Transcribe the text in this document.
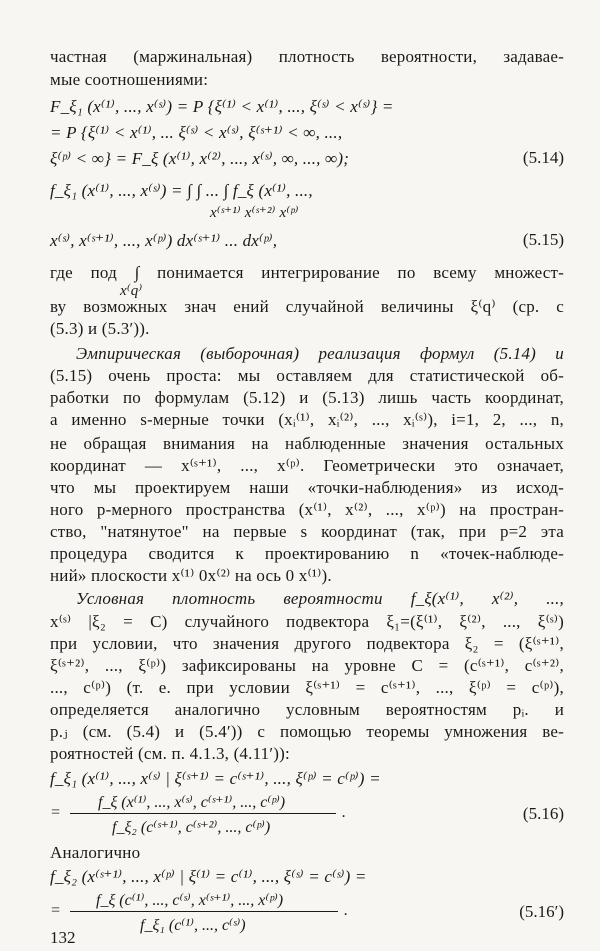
частная (маржинальная) плотность вероятности, задавае-
мые соотношениями:
F_ξ₁ (x⁽¹⁾, ..., x⁽ˢ⁾) = P {ξ⁽¹⁾ < x⁽¹⁾, ..., ξ⁽ˢ⁾ < x⁽ˢ⁾} =
= P {ξ⁽¹⁾ < x⁽¹⁾, ... ξ⁽ˢ⁾ < x⁽ˢ⁾, ξ⁽ˢ⁺¹⁾ < ∞, ...,
ξ⁽ᵖ⁾ < ∞} = F_ξ (x⁽¹⁾, x⁽²⁾, ..., x⁽ˢ⁾, ∞, ..., ∞);	(5.14)
f_ξ₁ (x⁽¹⁾, ..., x⁽ˢ⁾) = ∫ ∫ ... ∫ f_ξ (x⁽¹⁾, ...,
x⁽ˢ⁺¹⁾ x⁽ˢ⁺²⁾ x⁽ᵖ⁾
x⁽ˢ⁾, x⁽ˢ⁺¹⁾, ..., x⁽ᵖ⁾) dx⁽ˢ⁺¹⁾ ... dx⁽ᵖ⁾,	(5.15)
где под ∫ понимается интегрирование по всему множест-
x⁽q⁾
ву возможных знач ений случайной величины ξ⁽q⁾ (ср. с
(5.3) и (5.3′)).
Эмпирическая (выборочная) реализация формул (5.14) и
(5.15) очень проста: мы оставляем для статистической об-
работки по формулам (5.12) и (5.13) лишь часть координат,
а именно s-мерные точки (xᵢ⁽¹⁾, xᵢ⁽²⁾, ..., xᵢ⁽ˢ⁾), i=1, 2, ..., n,
не обращая внимания на наблюденные значения остальных
координат — x⁽ˢ⁺¹⁾, ..., x⁽ᵖ⁾. Геометрически это означает,
что мы проектируем наши «точки-наблюдения» из исход-
ного p-мерного пространства (x⁽¹⁾, x⁽²⁾, ..., x⁽ᵖ⁾) на простран-
ство, "натянутое" на первые s координат (так, при p=2 эта
процедура сводится к проектированию n «точек-наблюде-
ний» плоскости x⁽¹⁾ 0x⁽²⁾ на ось 0 x⁽¹⁾).
Условная плотность вероятности f_ξ(x⁽¹⁾, x⁽²⁾, ...,
x⁽ˢ⁾ |ξ₂ = C) случайного подвектора ξ₁=(ξ⁽¹⁾, ξ⁽²⁾, ..., ξ⁽ˢ⁾)
при условии, что значения другого подвектора ξ₂ = (ξ⁽ˢ⁺¹⁾,
ξ⁽ˢ⁺²⁾, ..., ξ⁽ᵖ⁾) зафиксированы на уровне C = (c⁽ˢ⁺¹⁾, c⁽ˢ⁺²⁾,
..., c⁽ᵖ⁾) (т. е. при условии ξ⁽ˢ⁺¹⁾ = c⁽ˢ⁺¹⁾, ..., ξ⁽ᵖ⁾ = c⁽ᵖ⁾),
определяется аналогично условным вероятностям pᵢ. и
p.ⱼ (см. (5.4) и (5.4′)) с помощью теоремы умножения ве-
роятностей (см. п. 4.1.3, (4.11′)):
f_ξ₁ (x⁽¹⁾, ..., x⁽ˢ⁾ | ξ⁽ˢ⁺¹⁾ = c⁽ˢ⁺¹⁾, ..., ξ⁽ᵖ⁾ = c⁽ᵖ⁾) =
=
f_ξ (x⁽¹⁾, ..., x⁽ˢ⁾, c⁽ˢ⁺¹⁾, ..., c⁽ᵖ⁾)
f_ξ₂ (c⁽ˢ⁺¹⁾, c⁽ˢ⁺²⁾, ..., c⁽ᵖ⁾)
.	(5.16)
Аналогично
f_ξ₂ (x⁽ˢ⁺¹⁾, ..., x⁽ᵖ⁾ | ξ⁽¹⁾ = c⁽¹⁾, ..., ξ⁽ˢ⁾ = c⁽ˢ⁾) =
=
f_ξ (c⁽¹⁾, ..., c⁽ˢ⁾, x⁽ˢ⁺¹⁾, ..., x⁽ᵖ⁾)
f_ξ₁ (c⁽¹⁾, ..., c⁽ˢ⁾)
.	(5.16′)
132
